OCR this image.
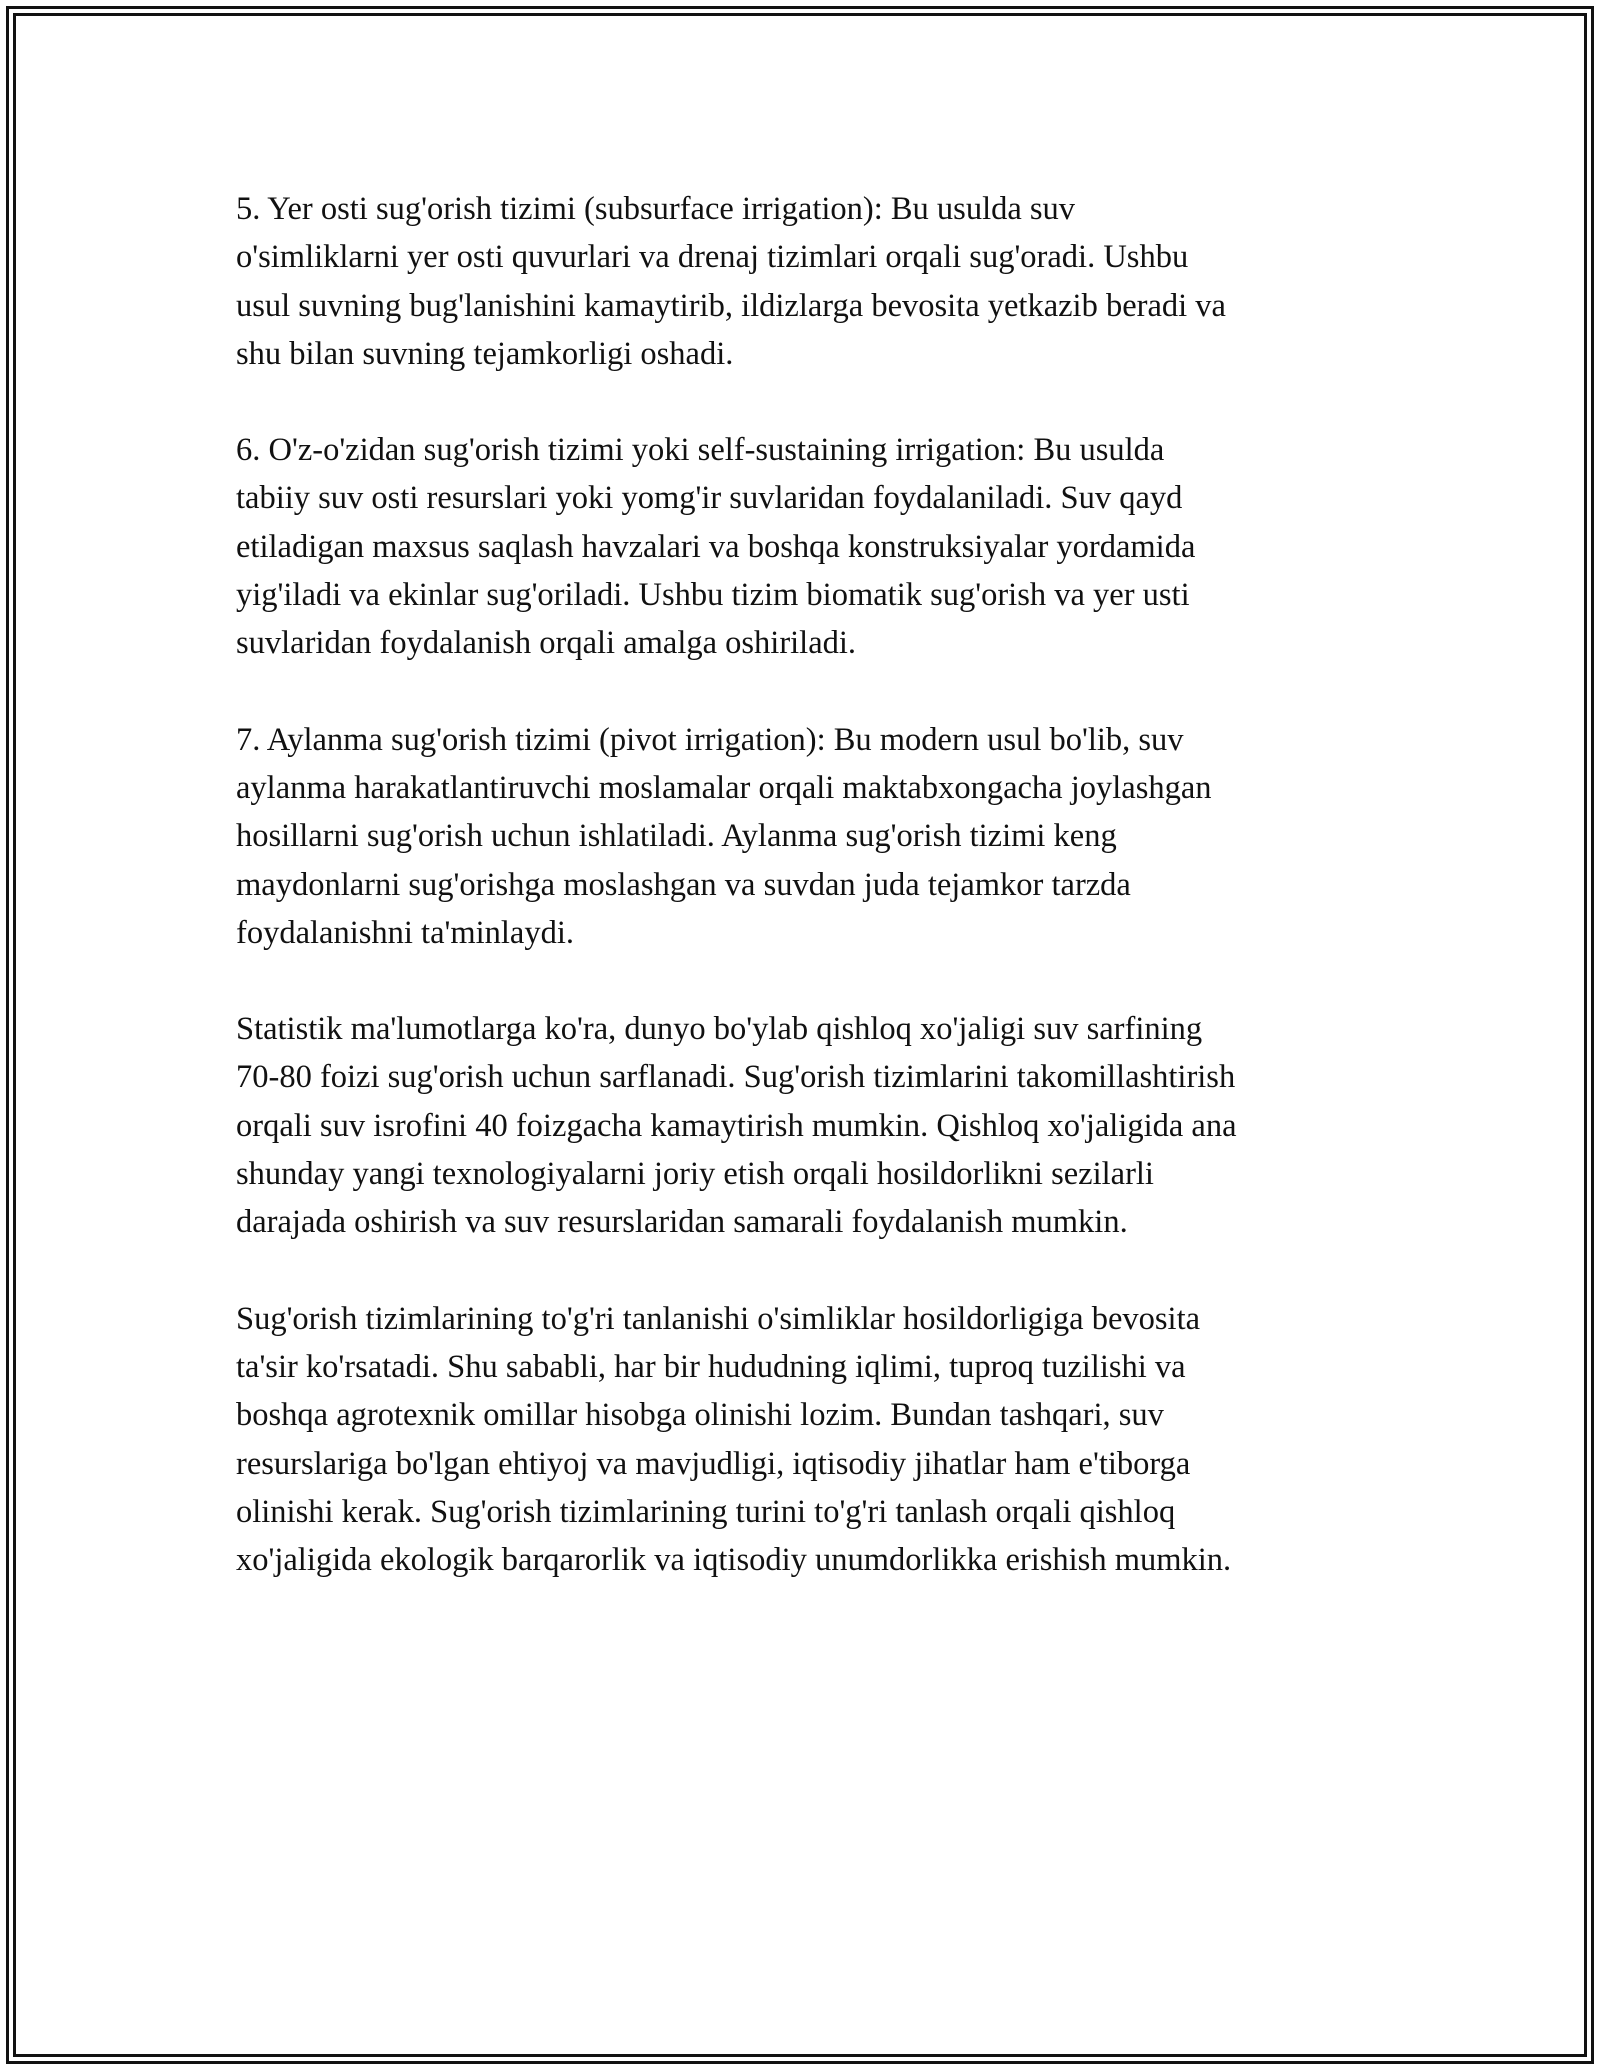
5. Yer osti sug'orish tizimi (subsurface irrigation): Bu usulda suv
o'simliklarni yer osti quvurlari va drenaj tizimlari orqali sug'oradi. Ushbu
usul suvning bug'lanishini kamaytirib, ildizlarga bevosita yetkazib beradi va
shu bilan suvning tejamkorligi oshadi.

6. O'z-o'zidan sug'orish tizimi yoki self-sustaining irrigation: Bu usulda
tabiiy suv osti resurslari yoki yomg'ir suvlaridan foydalaniladi. Suv qayd
etiladigan maxsus saqlash havzalari va boshqa konstruksiyalar yordamida
yig'iladi va ekinlar sug'oriladi. Ushbu tizim biomatik sug'orish va yer usti
suvlaridan foydalanish orqali amalga oshiriladi.

7. Aylanma sug'orish tizimi (pivot irrigation): Bu modern usul bo'lib, suv
aylanma harakatlantiruvchi moslamalar orqali maktabxongacha joylashgan
hosillarni sug'orish uchun ishlatiladi. Aylanma sug'orish tizimi keng
maydonlarni sug'orishga moslashgan va suvdan juda tejamkor tarzda
foydalanishni ta'minlaydi.

Statistik ma'lumotlarga ko'ra, dunyo bo'ylab qishloq xo'jaligi suv sarfining
70-80 foizi sug'orish uchun sarflanadi. Sug'orish tizimlarini takomillashtirish
orqali suv isrofini 40 foizgacha kamaytirish mumkin. Qishloq xo'jaligida ana
shunday yangi texnologiyalarni joriy etish orqali hosildorlikni sezilarli
darajada oshirish va suv resurslaridan samarali foydalanish mumkin.

Sug'orish tizimlarining to'g'ri tanlanishi o'simliklar hosildorligiga bevosita
ta'sir ko'rsatadi. Shu sababli, har bir hududning iqlimi, tuproq tuzilishi va
boshqa agrotexnik omillar hisobga olinishi lozim. Bundan tashqari, suv
resurslariga bo'lgan ehtiyoj va mavjudligi, iqtisodiy jihatlar ham e'tiborga
olinishi kerak. Sug'orish tizimlarining turini to'g'ri tanlash orqali qishloq
xo'jaligida ekologik barqarorlik va iqtisodiy unumdorlikka erishish mumkin.
